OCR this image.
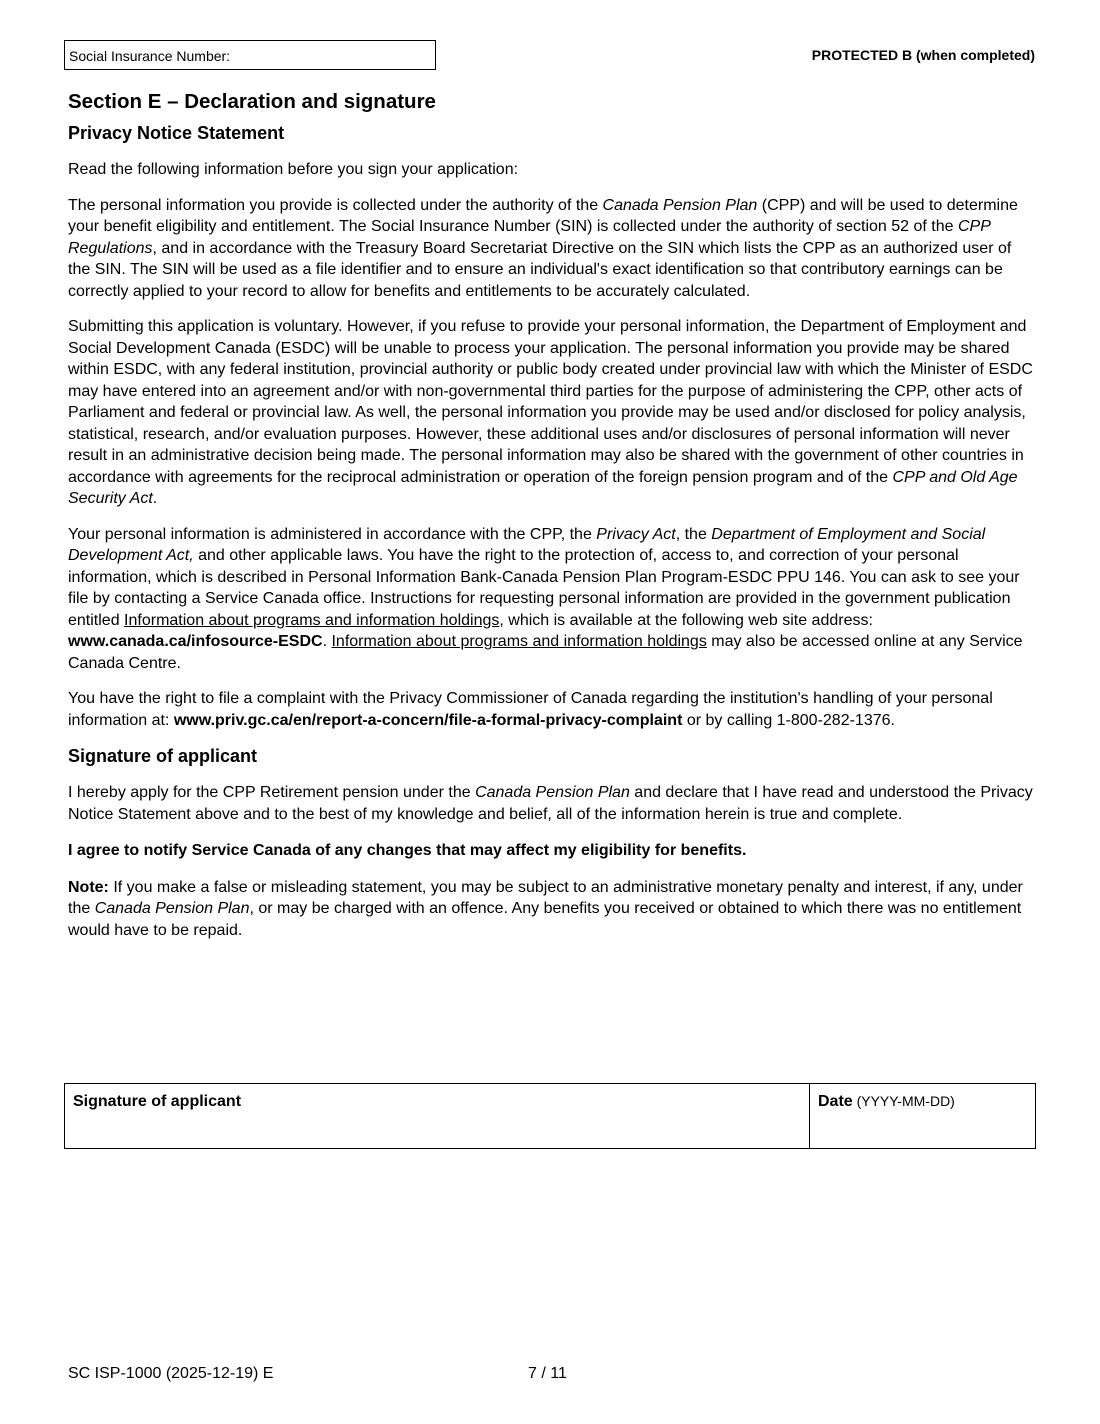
Social Insurance Number:	PROTECTED B (when completed)
Section E – Declaration and signature
Privacy Notice Statement

Read the following information before you sign your application:

The personal information you provide is collected under the authority of the Canada Pension Plan (CPP) and will be used to determine your benefit eligibility and entitlement. The Social Insurance Number (SIN) is collected under the authority of section 52 of the CPP Regulations, and in accordance with the Treasury Board Secretariat Directive on the SIN which lists the CPP as an authorized user of the SIN. The SIN will be used as a file identifier and to ensure an individual's exact identification so that contributory earnings can be correctly applied to your record to allow for benefits and entitlements to be accurately calculated.

Submitting this application is voluntary. However, if you refuse to provide your personal information, the Department of Employment and Social Development Canada (ESDC) will be unable to process your application. The personal information you provide may be shared within ESDC, with any federal institution, provincial authority or public body created under provincial law with which the Minister of ESDC may have entered into an agreement and/or with non-governmental third parties for the purpose of administering the CPP, other acts of Parliament and federal or provincial law. As well, the personal information you provide may be used and/or disclosed for policy analysis, statistical, research, and/or evaluation purposes. However, these additional uses and/or disclosures of personal information will never result in an administrative decision being made. The personal information may also be shared with the government of other countries in accordance with agreements for the reciprocal administration or operation of the foreign pension program and of the CPP and Old Age Security Act.

Your personal information is administered in accordance with the CPP, the Privacy Act, the Department of Employment and Social Development Act, and other applicable laws. You have the right to the protection of, access to, and correction of your personal information, which is described in Personal Information Bank-Canada Pension Plan Program-ESDC PPU 146. You can ask to see your file by contacting a Service Canada office. Instructions for requesting personal information are provided in the government publication entitled Information about programs and information holdings, which is available at the following web site address: www.canada.ca/infosource-ESDC. Information about programs and information holdings may also be accessed online at any Service Canada Centre.

You have the right to file a complaint with the Privacy Commissioner of Canada regarding the institution's handling of your personal information at: www.priv.gc.ca/en/report-a-concern/file-a-formal-privacy-complaint or by calling 1-800-282-1376.

Signature of applicant

I hereby apply for the CPP Retirement pension under the Canada Pension Plan and declare that I have read and understood the Privacy Notice Statement above and to the best of my knowledge and belief, all of the information herein is true and complete.

I agree to notify Service Canada of any changes that may affect my eligibility for benefits.

Note: If you make a false or misleading statement, you may be subject to an administrative monetary penalty and interest, if any, under the Canada Pension Plan, or may be charged with an offence. Any benefits you received or obtained to which there was no entitlement would have to be repaid.

Signature of applicant	Date (YYYY-MM-DD)
SC ISP-1000 (2025-12-19) E	7 / 11
